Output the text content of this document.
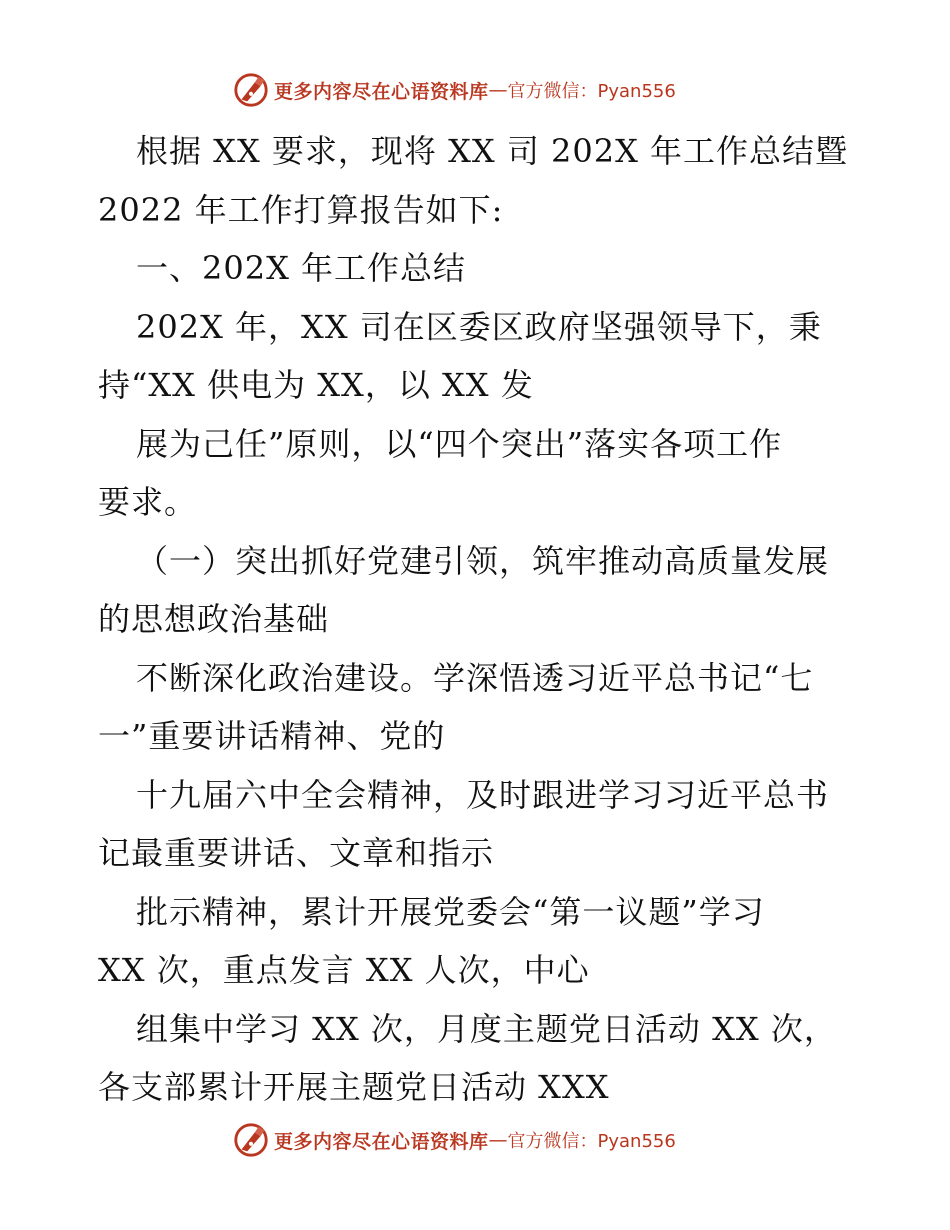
更多内容尽在心语资料库 — 官方微信：Pyan556
根据 XX 要求，现将 XX 司 202X 年工作总结暨
2022 年工作打算报告如下:
一、202X 年工作总结
202X 年，XX 司在区委区政府坚强领导下，秉
持“XX 供电为 XX，以 XX 发
展为己任”原则，以“四个突出”落实各项工作
要求。
（一）突出抓好党建引领，筑牢推动高质量发展
的思想政治基础
不断深化政治建设。学深悟透习近平总书记“七
一”重要讲话精神、党的
十九届六中全会精神，及时跟进学习习近平总书
记最重要讲话、文章和指示
批示精神，累计开展党委会“第一议题”学习
XX 次，重点发言 XX 人次，中心
组集中学习 XX 次，月度主题党日活动 XX 次，
各支部累计开展主题党日活动 XXX
更多内容尽在心语资料库 — 官方微信：Pyan556
